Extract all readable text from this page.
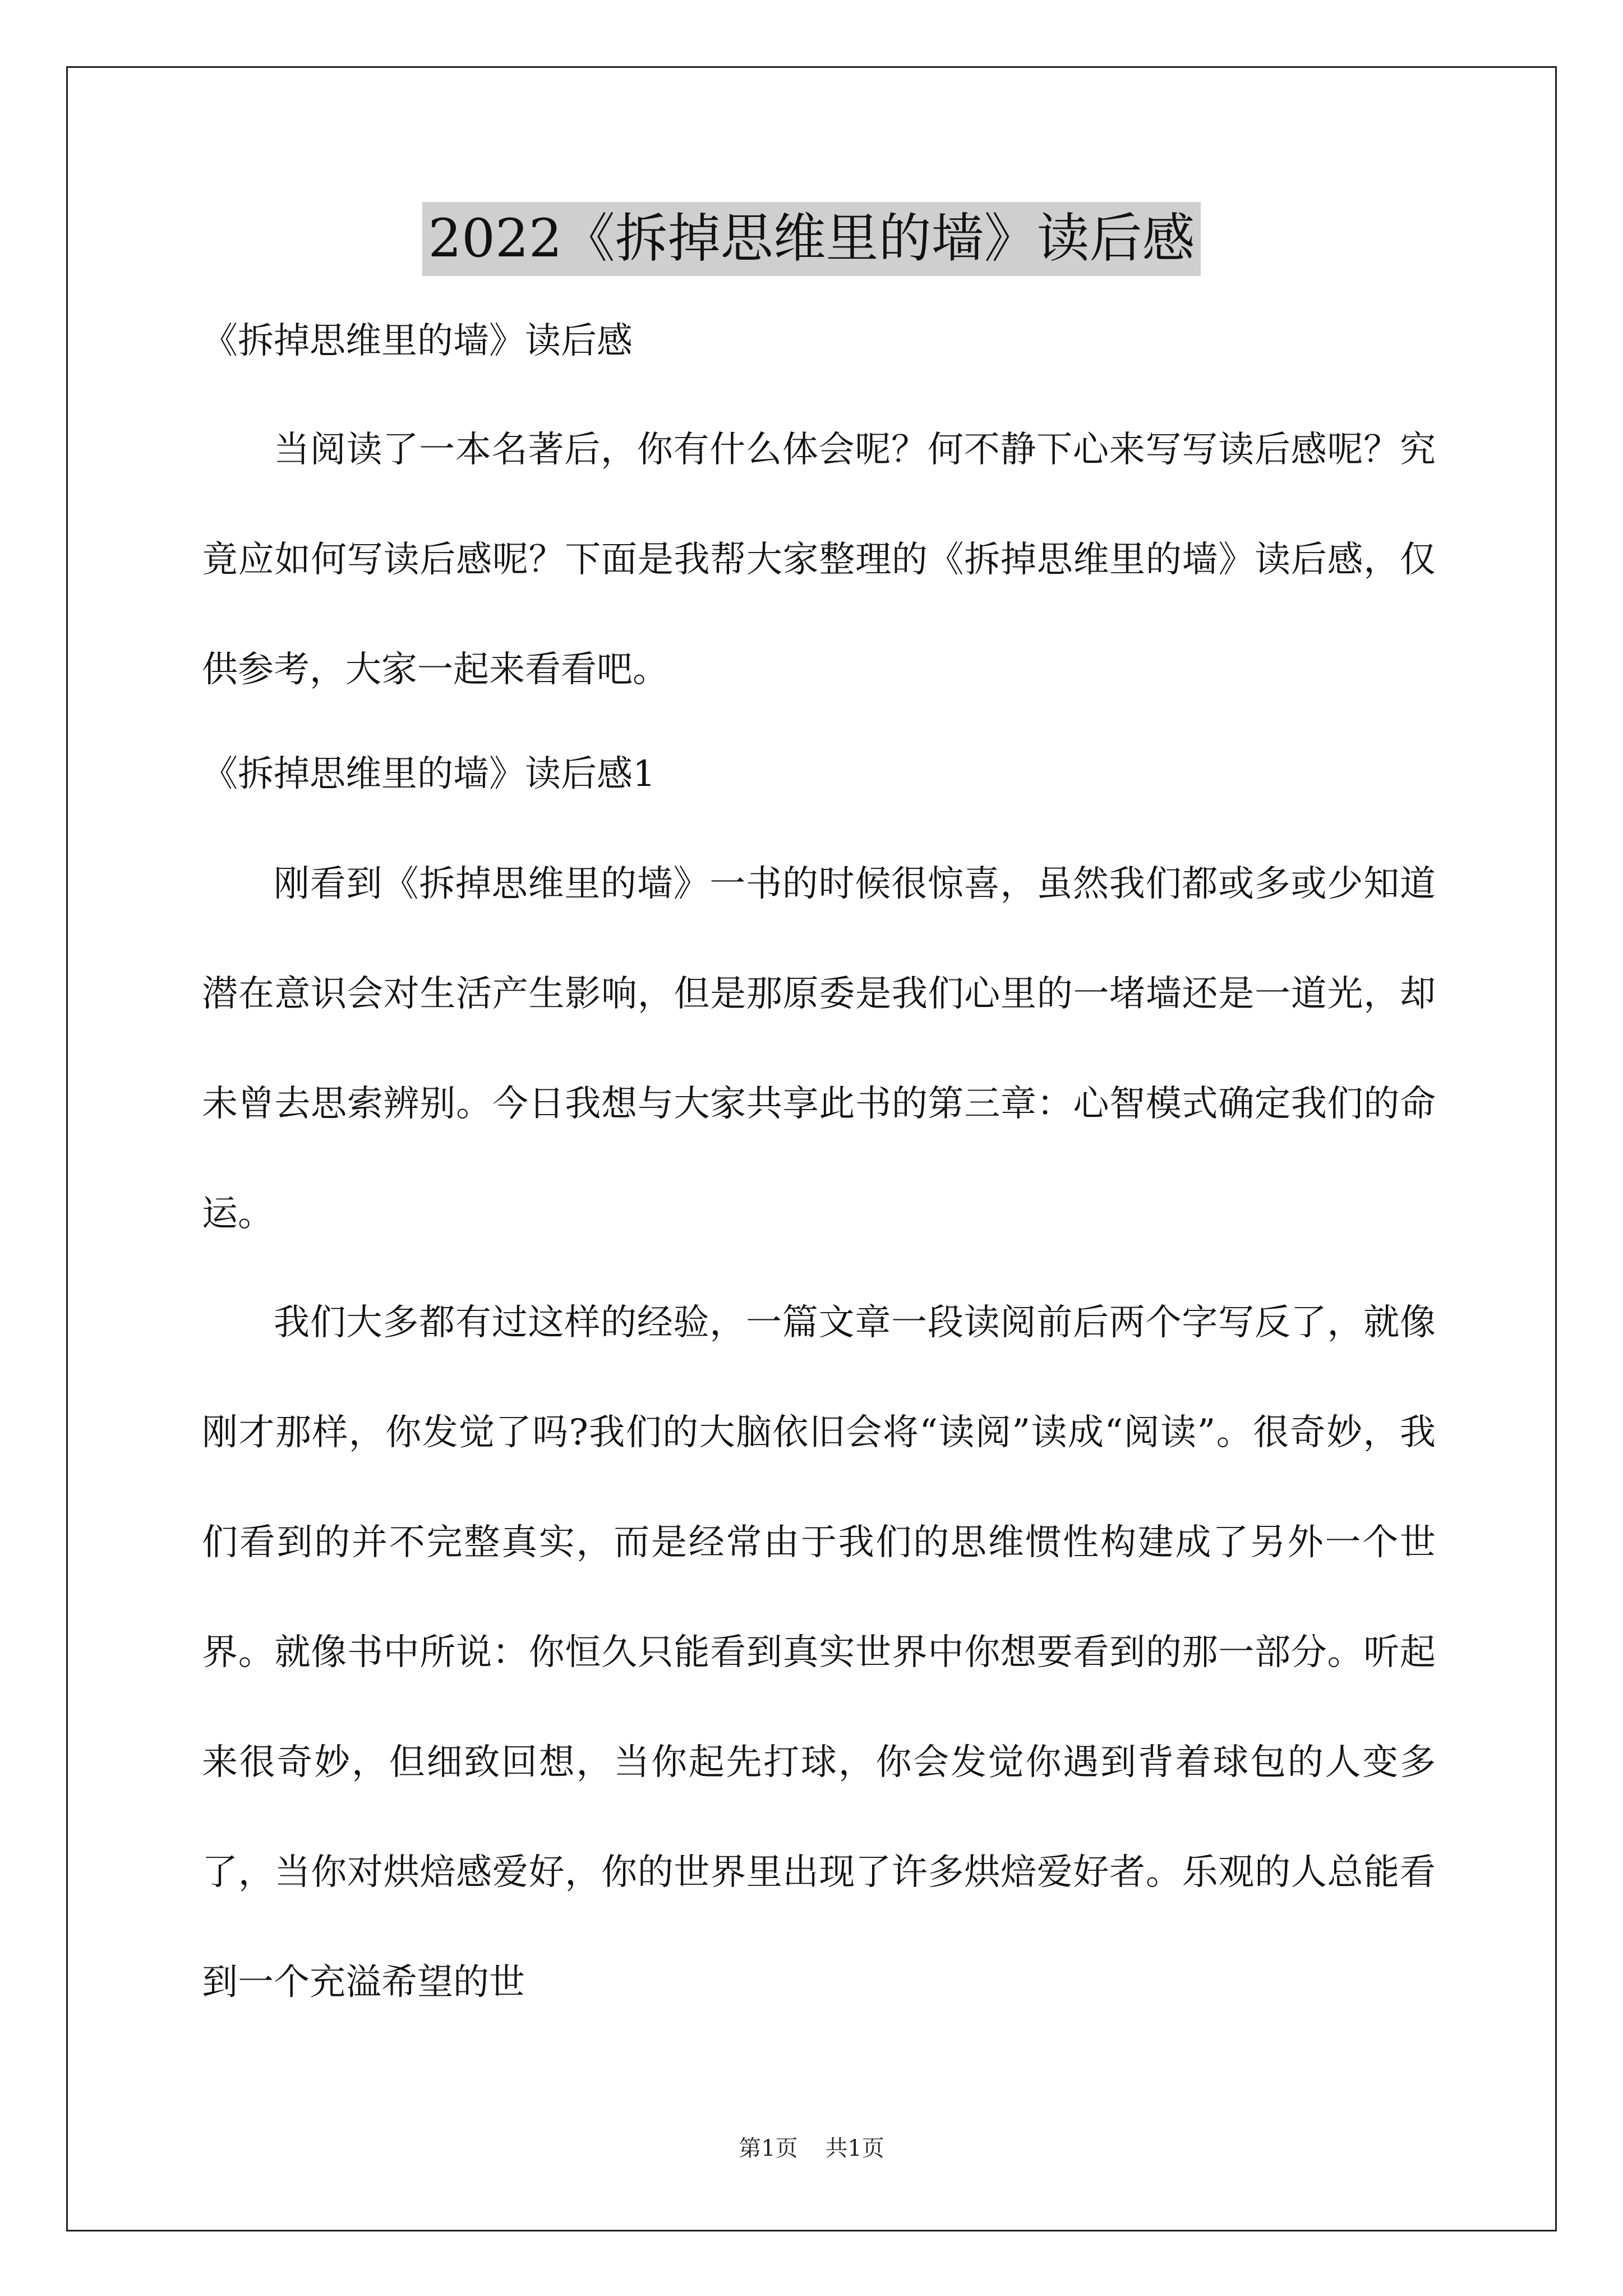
2022《拆掉思维里的墙》读后感

《拆掉思维里的墙》读后感

当阅读了一本名著后，你有什么体会呢？何不静下心来写写读后感呢？究竟应如何写读后感呢？下面是我帮大家整理的《拆掉思维里的墙》读后感，仅供参考，大家一起来看看吧。

《拆掉思维里的墙》读后感1

刚看到《拆掉思维里的墙》一书的时候很惊喜，虽然我们都或多或少知道潜在意识会对生活产生影响，但是那原委是我们心里的一堵墙还是一道光，却未曾去思索辨别。今日我想与大家共享此书的第三章：心智模式确定我们的命运。

我们大多都有过这样的经验，一篇文章一段读阅前后两个字写反了，就像刚才那样，你发觉了吗?我们的大脑依旧会将“读阅”读成“阅读”。很奇妙，我们看到的并不完整真实，而是经常由于我们的思维惯性构建成了另外一个世界。就像书中所说：你恒久只能看到真实世界中你想要看到的那一部分。听起来很奇妙，但细致回想，当你起先打球，你会发觉你遇到背着球包的人变多了，当你对烘焙感爱好，你的世界里出现了许多烘焙爱好者。乐观的人总能看到一个充溢希望的世

第1页 共1页
